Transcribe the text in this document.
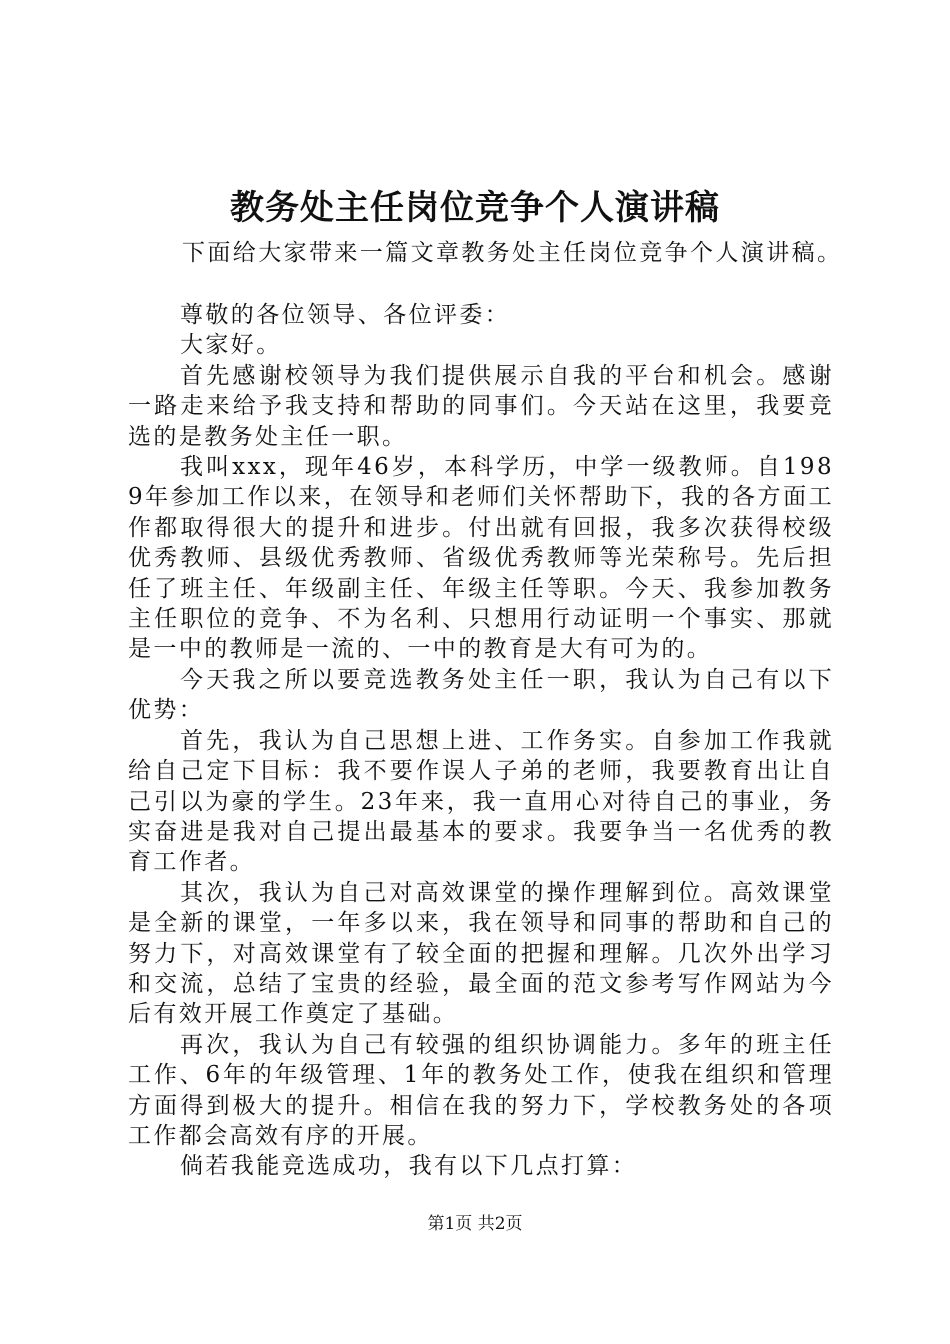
教务处主任岗位竞争个人演讲稿
下面给大家带来一篇文章教务处主任岗位竞争个人演讲稿。

尊敬的各位领导、各位评委：

大家好。

首先感谢校领导为我们提供展示自我的平台和机会。感谢一路走来给予我支持和帮助的同事们。今天站在这里，我要竞选的是教务处主任一职。

我叫xxx，现年46岁，本科学历，中学一级教师。自1989年参加工作以来，在领导和老师们关怀帮助下，我的各方面工作都取得很大的提升和进步。付出就有回报，我多次获得校级优秀教师、县级优秀教师、省级优秀教师等光荣称号。先后担任了班主任、年级副主任、年级主任等职。今天、我参加教务主任职位的竞争、不为名利、只想用行动证明一个事实、那就是一中的教师是一流的、一中的教育是大有可为的。

今天我之所以要竞选教务处主任一职，我认为自己有以下优势：

首先，我认为自己思想上进、工作务实。自参加工作我就给自己定下目标：我不要作误人子弟的老师，我要教育出让自己引以为豪的学生。23年来，我一直用心对待自己的事业，务实奋进是我对自己提出最基本的要求。我要争当一名优秀的教育工作者。

其次，我认为自己对高效课堂的操作理解到位。高效课堂是全新的课堂，一年多以来，我在领导和同事的帮助和自己的努力下，对高效课堂有了较全面的把握和理解。几次外出学习和交流，总结了宝贵的经验，最全面的范文参考写作网站为今后有效开展工作奠定了基础。

再次，我认为自己有较强的组织协调能力。多年的班主任工作、6年的年级管理、1年的教务处工作，使我在组织和管理方面得到极大的提升。相信在我的努力下，学校教务处的各项工作都会高效有序的开展。

倘若我能竞选成功，我有以下几点打算：

第1页 共2页
